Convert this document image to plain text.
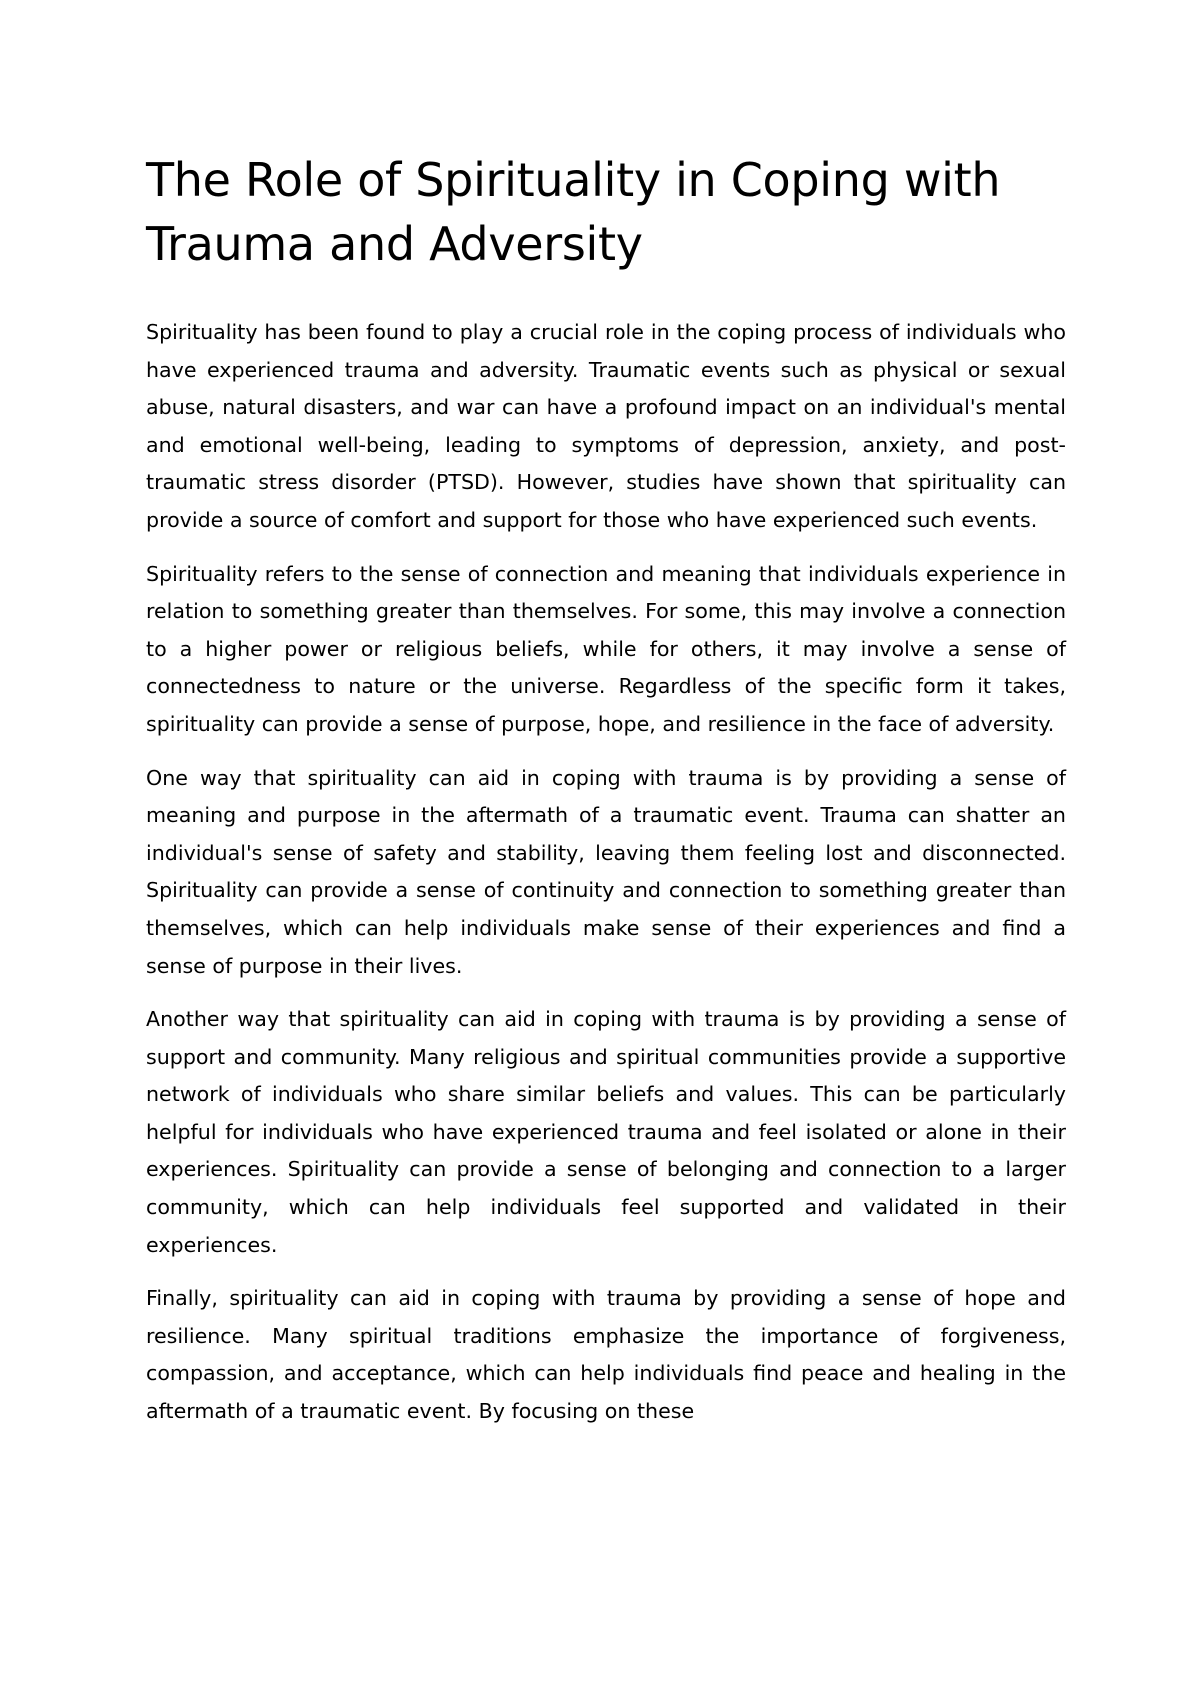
The Role of Spirituality in Coping with Trauma and Adversity

Spirituality has been found to play a crucial role in the coping process of individuals who have experienced trauma and adversity. Traumatic events such as physical or sexual abuse, natural disasters, and war can have a profound impact on an individual's mental and emotional well-being, leading to symptoms of depression, anxiety, and post-traumatic stress disorder (PTSD). However, studies have shown that spirituality can provide a source of comfort and support for those who have experienced such events.

Spirituality refers to the sense of connection and meaning that individuals experience in relation to something greater than themselves. For some, this may involve a connection to a higher power or religious beliefs, while for others, it may involve a sense of connectedness to nature or the universe. Regardless of the specific form it takes, spirituality can provide a sense of purpose, hope, and resilience in the face of adversity.

One way that spirituality can aid in coping with trauma is by providing a sense of meaning and purpose in the aftermath of a traumatic event. Trauma can shatter an individual's sense of safety and stability, leaving them feeling lost and disconnected. Spirituality can provide a sense of continuity and connection to something greater than themselves, which can help individuals make sense of their experiences and find a sense of purpose in their lives.

Another way that spirituality can aid in coping with trauma is by providing a sense of support and community. Many religious and spiritual communities provide a supportive network of individuals who share similar beliefs and values. This can be particularly helpful for individuals who have experienced trauma and feel isolated or alone in their experiences. Spirituality can provide a sense of belonging and connection to a larger community, which can help individuals feel supported and validated in their experiences.

Finally, spirituality can aid in coping with trauma by providing a sense of hope and resilience. Many spiritual traditions emphasize the importance of forgiveness, compassion, and acceptance, which can help individuals find peace and healing in the aftermath of a traumatic event. By focusing on these
